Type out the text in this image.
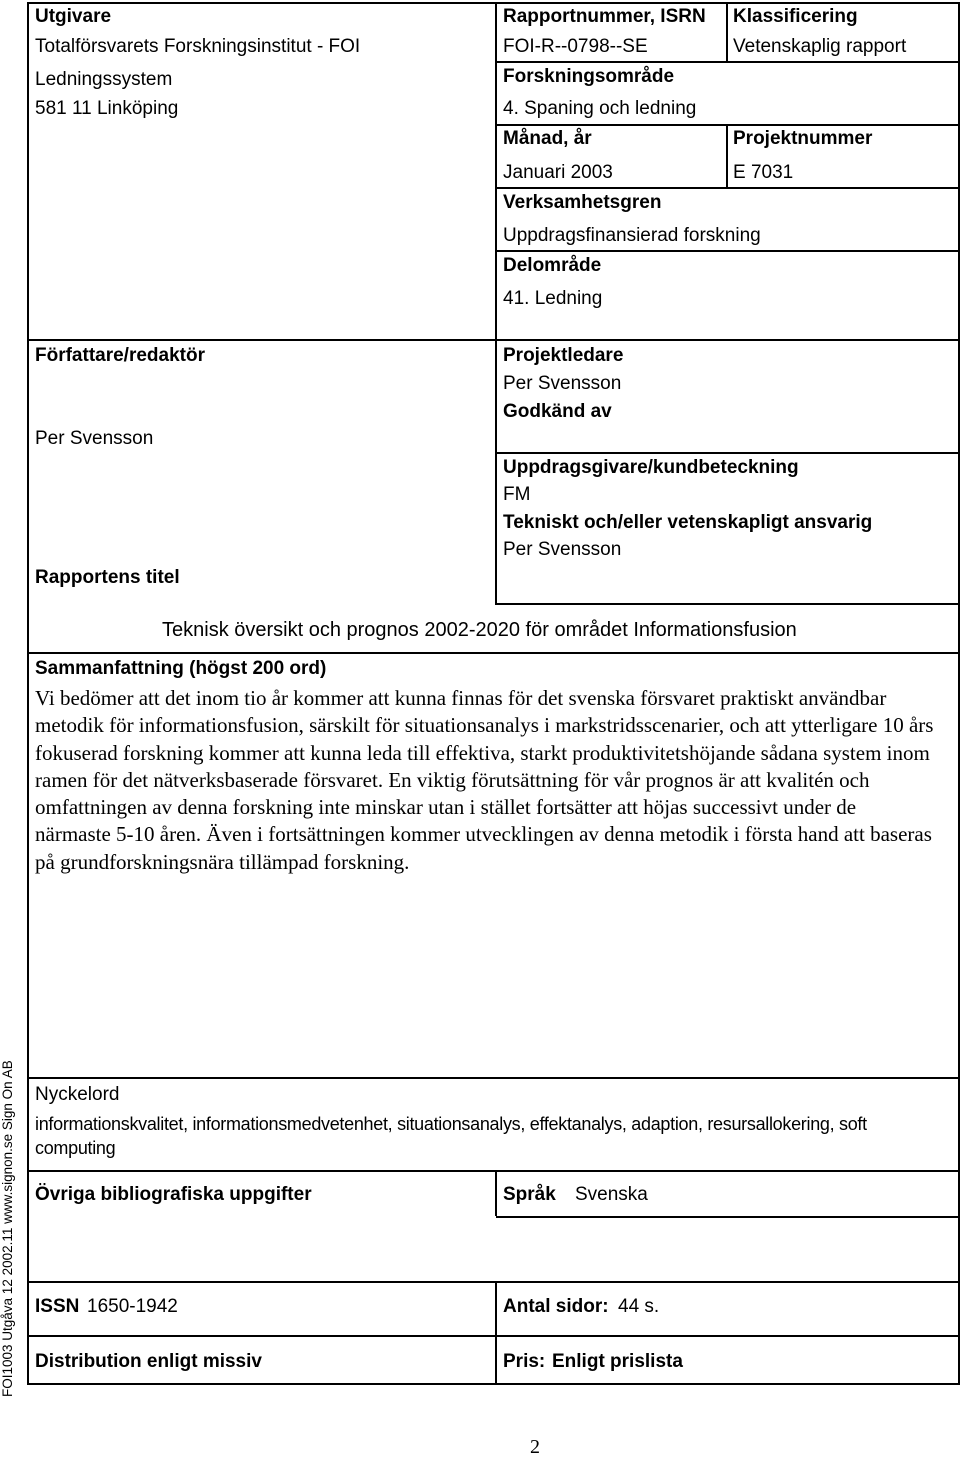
Utgivare
Totalförsvarets Forskningsinstitut - FOI
Ledningssystem
581 11 Linköping
Rapportnummer, ISRN
FOI-R--0798--SE
Klassificering
Vetenskaplig rapport
Forskningsområde
4. Spaning och ledning
Månad, år
Januari 2003
Projektnummer
E 7031
Verksamhetsgren
Uppdragsfinansierad forskning
Delområde
41. Ledning
Författare/redaktör
Per Svensson
Projektledare
Per Svensson
Godkänd av
Uppdragsgivare/kundbeteckning
FM
Tekniskt och/eller vetenskapligt ansvarig
Per Svensson
Rapportens titel
Teknisk översikt och prognos 2002-2020 för området Informationsfusion
Sammanfattning (högst 200 ord)
Vi bedömer att det inom tio år kommer att kunna finnas för det svenska försvaret praktiskt användbar metodik för informationsfusion, särskilt för situationsanalys i markstridsscenarier, och att ytterligare 10 års fokuserad forskning kommer att kunna leda till effektiva, starkt produktivitetshöjande sådana system inom ramen för det nätverksbaserade försvaret. En viktig förutsättning för vår prognos är att kvalitén och omfattningen av denna forskning inte minskar utan i stället fortsätter att höjas successivt under de närmaste 5-10 åren. Även i fortsättningen kommer utvecklingen av denna metodik i första hand att baseras på grundforskningsnära tillämpad forskning.
Nyckelord
informationskvalitet, informationsmedvetenhet, situationsanalys, effektanalys, adaption, resursallokering, soft computing
Övriga bibliografiska uppgifter	Språk Svenska
ISSN 1650-1942	Antal sidor: 44 s.
Distribution enligt missiv	Pris: Enligt prislista
FOI1003 Utgåva 12 2002.11 www.signon.se Sign On AB
2
